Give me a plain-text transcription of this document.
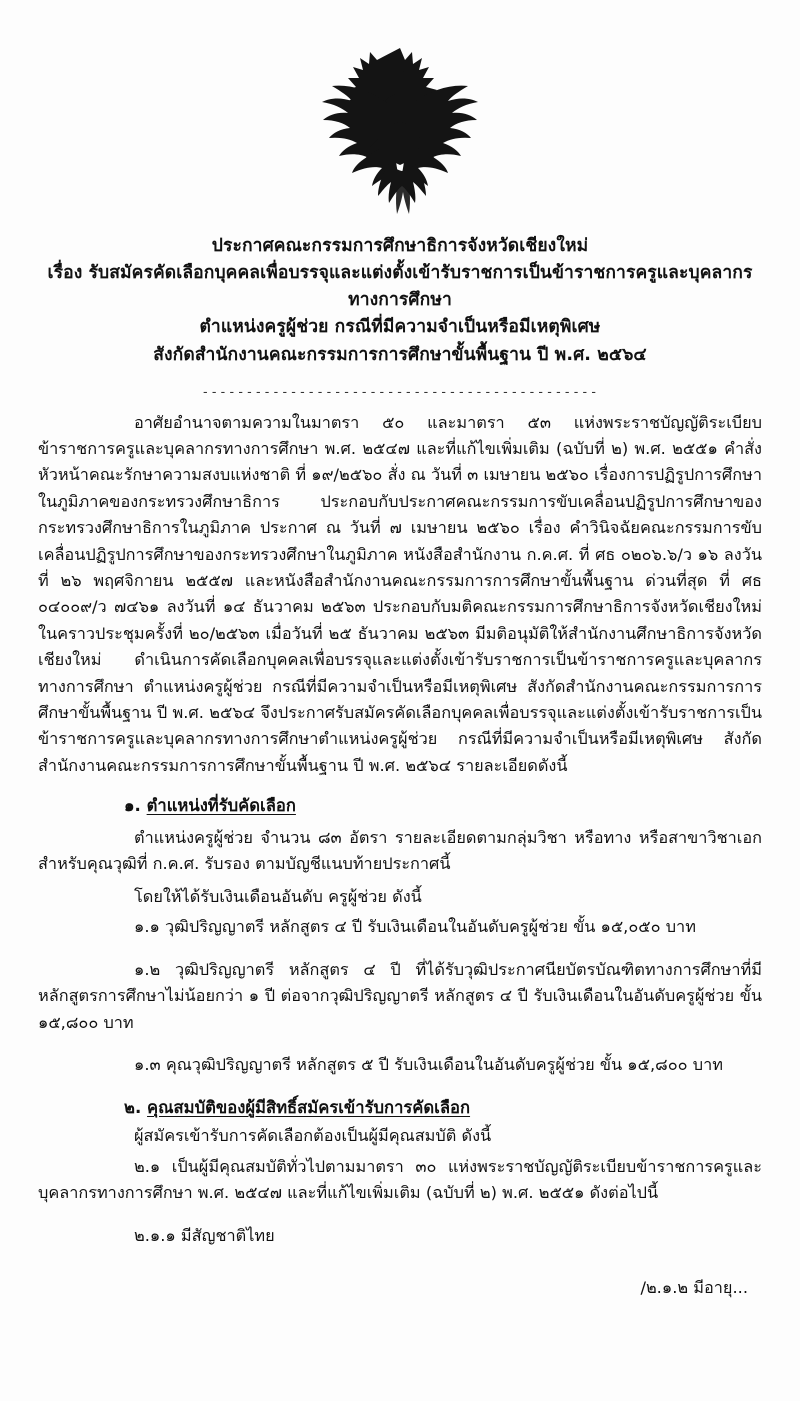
ประกาศคณะกรรมการศึกษาธิการจังหวัดเชียงใหม่
เรื่อง รับสมัครคัดเลือกบุคคลเพื่อบรรจุและแต่งตั้งเข้ารับราชการเป็นข้าราชการครูและบุคลากรทางการศึกษา
ตำแหน่งครูผู้ช่วย กรณีที่มีความจำเป็นหรือมีเหตุพิเศษ
สังกัดสำนักงานคณะกรรมการการศึกษาขั้นพื้นฐาน ปี พ.ศ. ๒๕๖๔
---------------------------------------------

อาศัยอำนาจตามความในมาตรา ๕๐ และมาตรา ๕๓ แห่งพระราชบัญญัติระเบียบข้าราชการครูและบุคลากรทางการศึกษา พ.ศ. ๒๕๔๗ และที่แก้ไขเพิ่มเติม (ฉบับที่ ๒) พ.ศ. ๒๕๕๑ คำสั่งหัวหน้าคณะรักษาความสงบแห่งชาติ ที่ ๑๙/๒๕๖๐ สั่ง ณ วันที่ ๓ เมษายน ๒๕๖๐ เรื่องการปฏิรูปการศึกษาในภูมิภาคของกระทรวงศึกษาธิการ ประกอบกับประกาศคณะกรรมการขับเคลื่อนปฏิรูปการศึกษาของกระทรวงศึกษาธิการในภูมิภาค ประกาศ ณ วันที่ ๗ เมษายน ๒๕๖๐ เรื่อง คำวินิจฉัยคณะกรรมการขับเคลื่อนปฏิรูปการศึกษาของกระทรวงศึกษาในภูมิภาค หนังสือสำนักงาน ก.ค.ศ. ที่ ศธ ๐๒๐๖.๖/ว ๑๖ ลงวันที่ ๒๖ พฤศจิกายน ๒๕๕๗ และหนังสือสำนักงานคณะกรรมการการศึกษาขั้นพื้นฐาน ด่วนที่สุด ที่ ศธ ๐๔๐๐๙/ว ๗๔๖๑ ลงวันที่ ๑๔ ธันวาคม ๒๕๖๓ ประกอบกับมติคณะกรรมการศึกษาธิการจังหวัดเชียงใหม่ ในคราวประชุมครั้งที่ ๒๐/๒๕๖๓ เมื่อวันที่ ๒๕ ธันวาคม ๒๕๖๓ มีมติอนุมัติให้สำนักงานศึกษาธิการจังหวัดเชียงใหม่ ดำเนินการคัดเลือกบุคคลเพื่อบรรจุและแต่งตั้งเข้ารับราชการเป็นข้าราชการครูและบุคลากรทางการศึกษา ตำแหน่งครูผู้ช่วย กรณีที่มีความจำเป็นหรือมีเหตุพิเศษ สังกัดสำนักงานคณะกรรมการการศึกษาขั้นพื้นฐาน ปี พ.ศ. ๒๕๖๔ จึงประกาศรับสมัครคัดเลือกบุคคลเพื่อบรรจุและแต่งตั้งเข้ารับราชการเป็นข้าราชการครูและบุคลากรทางการศึกษาตำแหน่งครูผู้ช่วย กรณีที่มีความจำเป็นหรือมีเหตุพิเศษ สังกัดสำนักงานคณะกรรมการการศึกษาขั้นพื้นฐาน ปี พ.ศ. ๒๕๖๔ รายละเอียดดังนี้

๑. ตำแหน่งที่รับคัดเลือก

ตำแหน่งครูผู้ช่วย จำนวน ๘๓ อัตรา รายละเอียดตามกลุ่มวิชา หรือทาง หรือสาขาวิชาเอก สำหรับคุณวุฒิที่ ก.ค.ศ. รับรอง ตามบัญชีแนบท้ายประกาศนี้

โดยให้ได้รับเงินเดือนอันดับ ครูผู้ช่วย ดังนี้

๑.๑ วุฒิปริญญาตรี หลักสูตร ๔ ปี รับเงินเดือนในอันดับครูผู้ช่วย ขั้น ๑๕,๐๕๐ บาท

๑.๒ วุฒิปริญญาตรี หลักสูตร ๔ ปี ที่ได้รับวุฒิประกาศนียบัตรบัณฑิตทางการศึกษาที่มีหลักสูตรการศึกษาไม่น้อยกว่า ๑ ปี ต่อจากวุฒิปริญญาตรี หลักสูตร ๔ ปี รับเงินเดือนในอันดับครูผู้ช่วย ขั้น ๑๕,๘๐๐ บาท

๑.๓ คุณวุฒิปริญญาตรี หลักสูตร ๕ ปี รับเงินเดือนในอันดับครูผู้ช่วย ขั้น ๑๕,๘๐๐ บาท

๒. คุณสมบัติของผู้มีสิทธิ์สมัครเข้ารับการคัดเลือก

ผู้สมัครเข้ารับการคัดเลือกต้องเป็นผู้มีคุณสมบัติ ดังนี้

๒.๑ เป็นผู้มีคุณสมบัติทั่วไปตามมาตรา ๓๐ แห่งพระราชบัญญัติระเบียบข้าราชการครูและบุคลากรทางการศึกษา พ.ศ. ๒๕๔๗ และที่แก้ไขเพิ่มเติม (ฉบับที่ ๒) พ.ศ. ๒๕๕๑ ดังต่อไปนี้

๒.๑.๑ มีสัญชาติไทย

/๒.๑.๒ มีอายุ...
